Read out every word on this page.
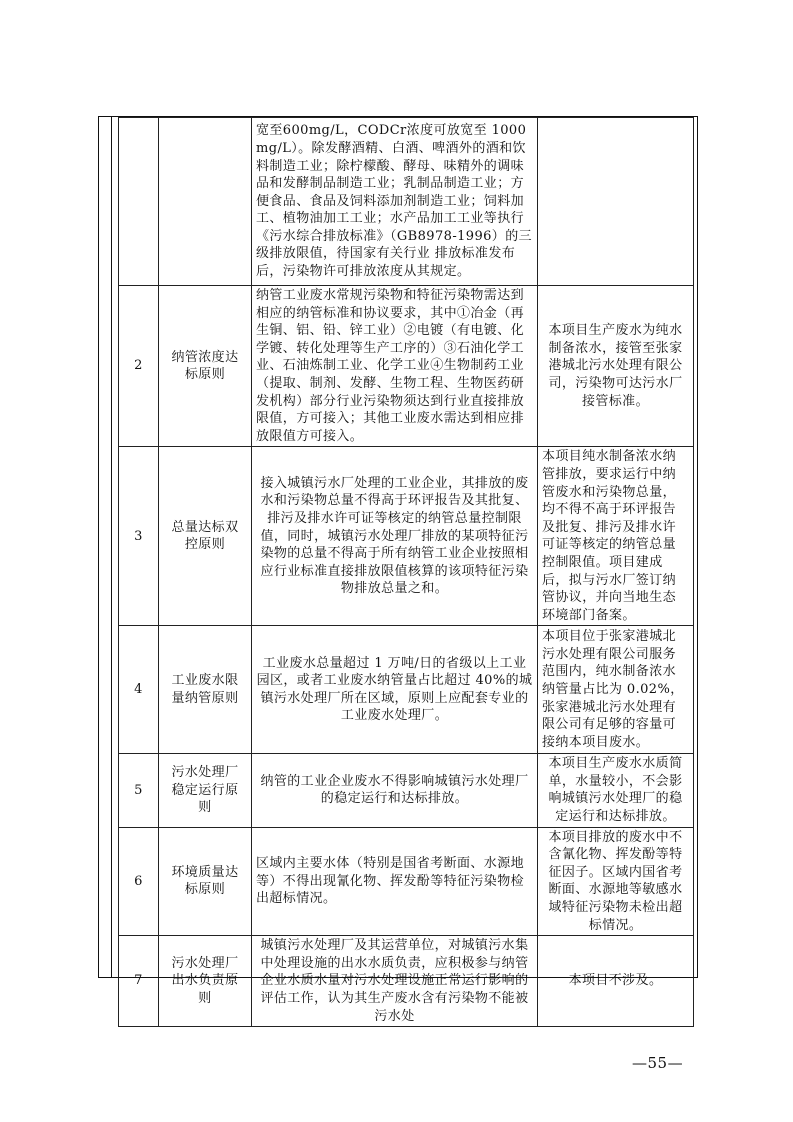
		宽至600mg/L，CODCr浓度可放宽至 1000mg/L）。除发酵酒精、白酒、啤酒外的酒和饮料制造工业；除柠檬酸、酵母、味精外的调味品和发酵制品制造工业；乳制品制造工业；方便食品、食品及饲料添加剂制造工业；饲料加工、植物油加工工业；水产品加工工业等执行《污水综合排放标准》（GB8978-1996）的三级排放限值，待国家有关行业 排放标准发布后，污染物许可排放浓度从其规定。	
2	纳管浓度达标原则	纳管工业废水常规污染物和特征污染物需达到相应的纳管标准和协议要求，其中①冶金（再生铜、铝、铅、锌工业）②电镀（有电镀、化学镀、转化处理等生产工序的）③石油化学工业、石油炼制工业、化学工业④生物制药工业（提取、制剂、发酵、生物工程、生物医药研发机构）部分行业污染物须达到行业直接排放限值，方可接入；其他工业废水需达到相应排放限值方可接入。	本项目生产废水为纯水制备浓水，接管至张家港城北污水处理有限公司，污染物可达污水厂接管标准。
3	总量达标双控原则	接入城镇污水厂处理的工业企业，其排放的废水和污染物总量不得高于环评报告及其批复、排污及排水许可证等核定的纳管总量控制限值，同时，城镇污水处理厂排放的某项特征污染物的总量不得高于所有纳管工业企业按照相应行业标准直接排放限值核算的该项特征污染物排放总量之和。	本项目纯水制备浓水纳管排放，要求运行中纳管废水和污染物总量，均不得不高于环评报告及批复、排污及排水许可证等核定的纳管总量控制限值。项目建成后，拟与污水厂签订纳管协议，并向当地生态环境部门备案。
4	工业废水限量纳管原则	工业废水总量超过 1 万吨/日的省级以上工业园区，或者工业废水纳管量占比超过 40%的城镇污水处理厂所在区域，原则上应配套专业的工业废水处理厂。	本项目位于张家港城北污水处理有限公司服务范围内，纯水制备浓水纳管量占比为 0.02%，张家港城北污水处理有限公司有足够的容量可接纳本项目废水。
5	污水处理厂稳定运行原则	纳管的工业企业废水不得影响城镇污水处理厂的稳定运行和达标排放。	本项目生产废水水质简单，水量较小，不会影响城镇污水处理厂的稳定运行和达标排放。
6	环境质量达标原则	区域内主要水体（特别是国省考断面、水源地等）不得出现氰化物、挥发酚等特征污染物检出超标情况。	本项目排放的废水中不含氰化物、挥发酚等特征因子。区域内国省考断面、水源地等敏感水域特征污染物未检出超标情况。
7	污水处理厂出水负责原则	城镇污水处理厂及其运营单位，对城镇污水集中处理设施的出水水质负责，应积极参与纳管企业水质水量对污水处理设施正常运行影响的评估工作，认为其生产废水含有污染物不能被污水处	本项目不涉及。
—55—
